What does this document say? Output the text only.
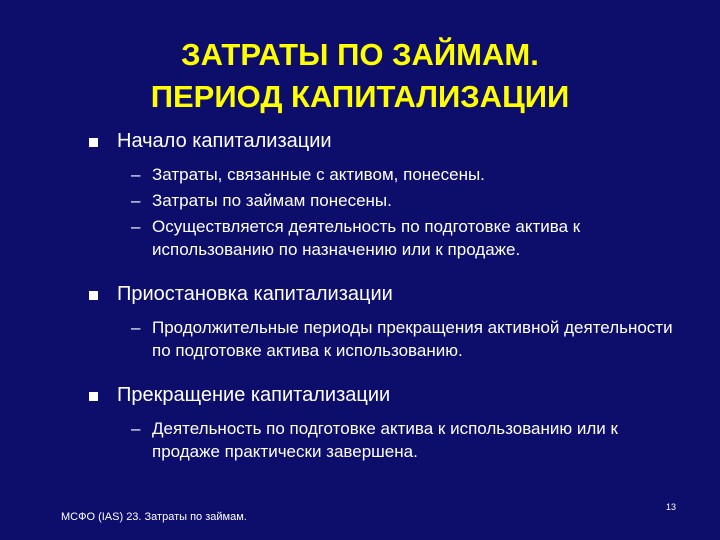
ЗАТРАТЫ ПО ЗАЙМАМ.
ПЕРИОД КАПИТАЛИЗАЦИИ
Начало капитализации
– Затраты, связанные с активом, понесены.
– Затраты по займам понесены.
– Осуществляется деятельность по подготовке актива к использованию по назначению или к продаже.
Приостановка капитализации
– Продолжительные периоды прекращения активной деятельности по подготовке актива к использованию.
Прекращение капитализации
– Деятельность по подготовке актива к использованию или к продаже практически завершена.
МСФО (IAS) 23. Затраты по займам.
13
